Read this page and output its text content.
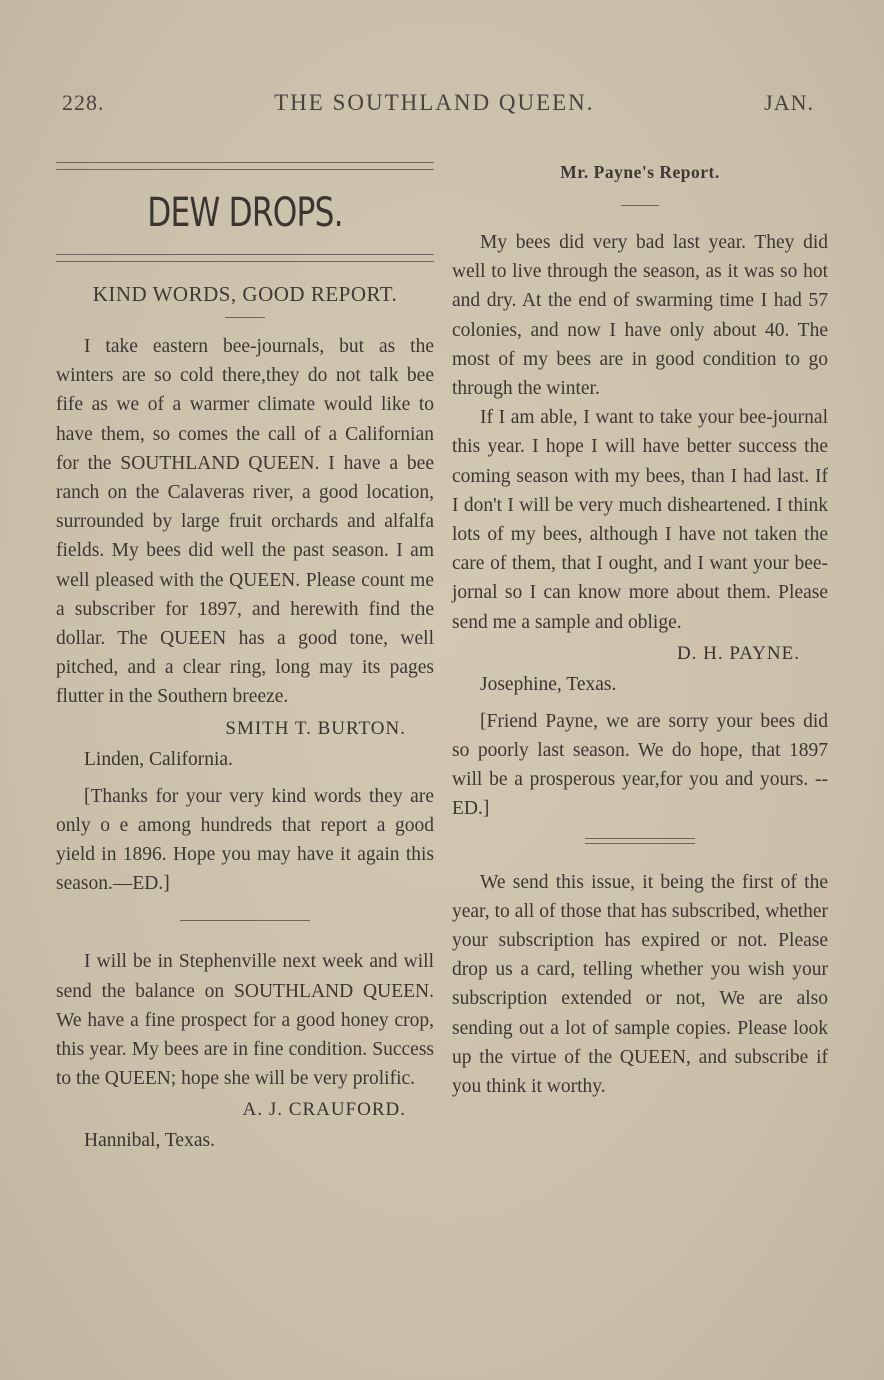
228.	THE SOUTHLAND QUEEN.	JAN.
DEW DROPS.
KIND WORDS, GOOD REPORT.

I take eastern bee-journals, but as the winters are so cold there,they do not talk bee fife as we of a warmer climate would like to have them, so comes the call of a Californian for the SOUTHLAND QUEEN. I have a bee ranch on the Calaveras river, a good location, surrounded by large fruit orchards and alfalfa fields. My bees did well the past season. I am well pleased with the QUEEN. Please count me a subscriber for 1897, and herewith find the dollar. The QUEEN has a good tone, well pitched, and a clear ring, long may its pages flutter in the Southern breeze.

SMITH T. BURTON.
Linden, California.

[Thanks for your very kind words they are only o e among hundreds that report a good yield in 1896. Hope you may have it again this season.—ED.]

I will be in Stephenville next week and will send the balance on SOUTHLAND QUEEN. We have a fine prospect for a good honey crop, this year. My bees are in fine condition. Success to the QUEEN; hope she will be very prolific.

A. J. CRAUFORD.
Hannibal, Texas.
Mr. Payne's Report.

My bees did very bad last year. They did well to live through the season, as it was so hot and dry. At the end of swarming time I had 57 colonies, and now I have only about 40. The most of my bees are in good condition to go through the winter.

If I am able, I want to take your bee-journal this year. I hope I will have better success the coming season with my bees, than I had last. If I don't I will be very much disheartened. I think lots of my bees, although I have not taken the care of them, that I ought, and I want your bee-jornal so I can know more about them. Please send me a sample and oblige.

D. H. PAYNE.
Josephine, Texas.

[Friend Payne, we are sorry your bees did so poorly last season. We do hope, that 1897 will be a prosperous year,for you and yours. --ED.]

We send this issue, it being the first of the year, to all of those that has subscribed, whether your subscription has expired or not. Please drop us a card, telling whether you wish your subscription extended or not, We are also sending out a lot of sample copies. Please look up the virtue of the QUEEN, and subscribe if you think it worthy.
